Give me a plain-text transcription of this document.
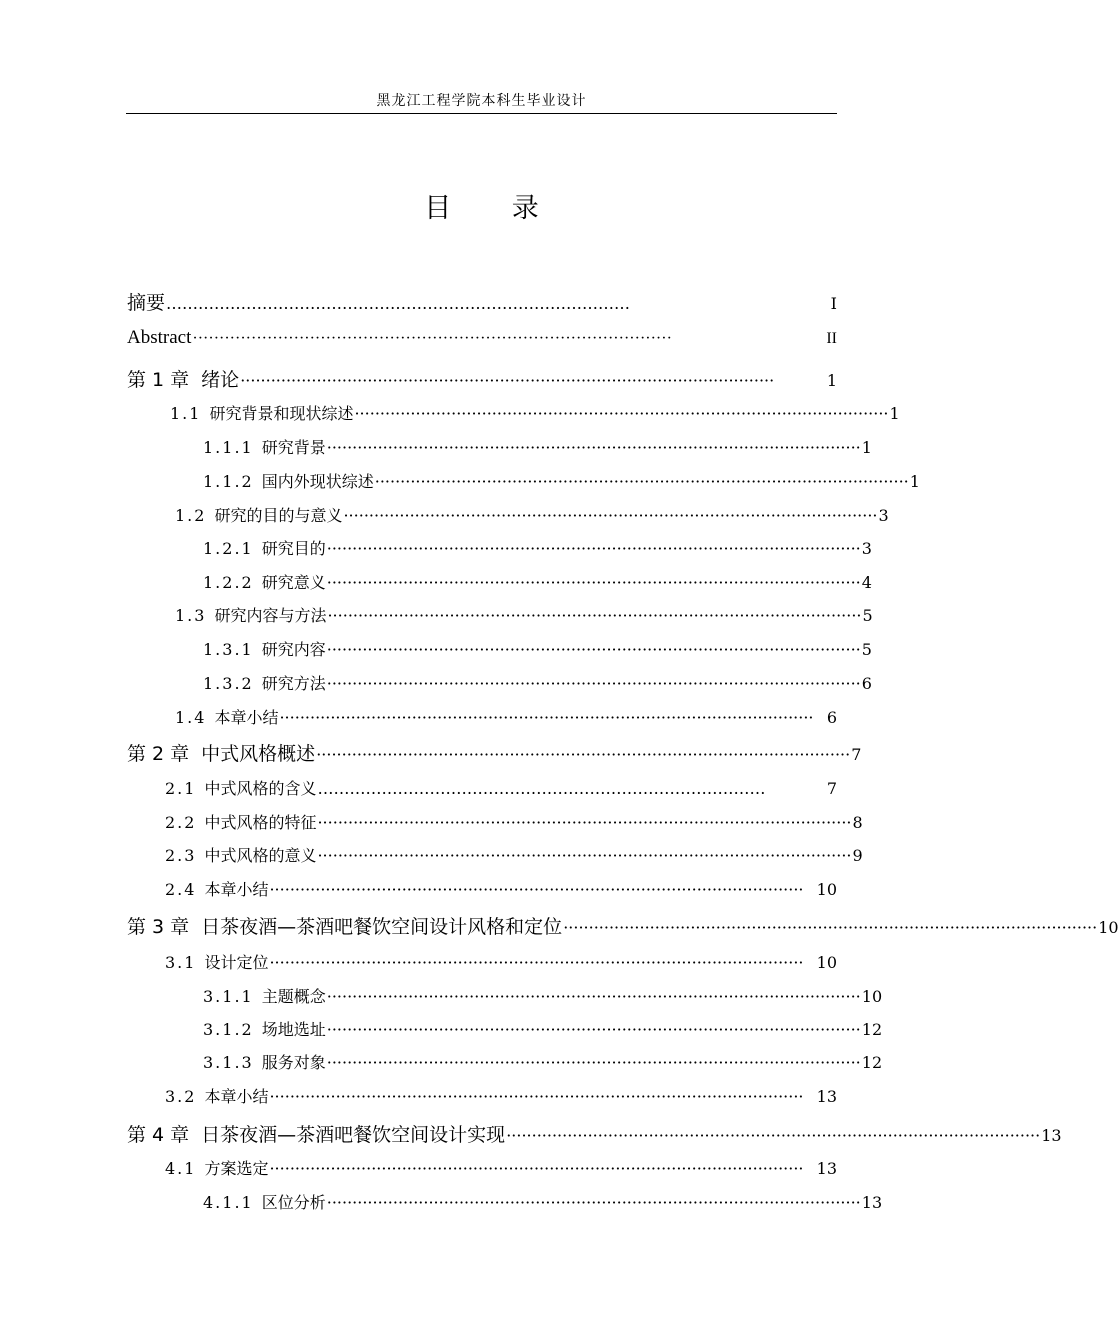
黑龙江工程学院本科生毕业设计
目 录
摘要 ……………………………………………………………………………	I
Abstract ··························································································	II
第 1 章 绪论 ·········································································································	1
1.1 研究背景和现状综述 ········································································································· 1
1.1.1 研究背景 ········································································································· 1
1.1.2 国内外现状综述 ········································································································· 1
1.2 研究的目的与意义 ········································································································· 3
1.2.1 研究目的 ········································································································· 3
1.2.2 研究意义 ········································································································· 4
1.3 研究内容与方法 ········································································································· 5
1.3.1 研究内容 ········································································································· 5
1.3.2 研究方法 ········································································································· 6
1.4 本章小结 ········································································································· 6
第 2 章 中式风格概述 ········································································································· 7
2.1 中式风格的含义 …………………………………………………………………………	7
2.2 中式风格的特征 ········································································································· 8
2.3 中式风格的意义 ········································································································· 9
2.4 本章小结 ········································································································· 10
第 3 章 日茶夜酒—茶酒吧餐饮空间设计风格和定位 ········································································································· 10
3.1 设计定位 ········································································································· 10
3.1.1 主题概念 ········································································································· 10
3.1.2 场地选址 ········································································································· 12
3.1.3 服务对象 ········································································································· 12
3.2 本章小结 ········································································································· 13
第 4 章 日茶夜酒—茶酒吧餐饮空间设计实现 ········································································································· 13
4.1 方案选定 ········································································································· 13
4.1.1 区位分析 ········································································································· 13
